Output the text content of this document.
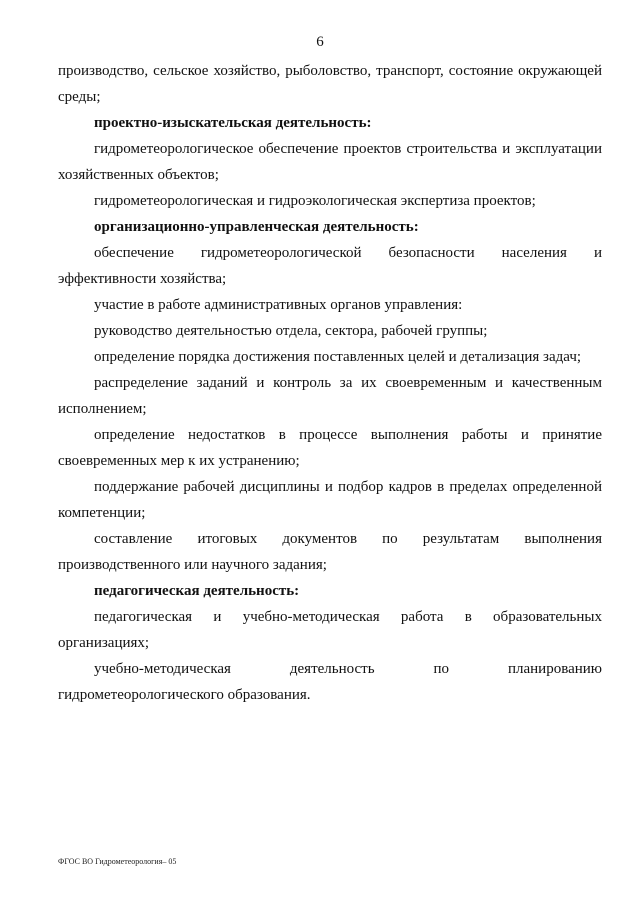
6

производство, сельское хозяйство, рыболовство, транспорт, состояние окружающей среды;

проектно-изыскательская деятельность:

гидрометеорологическое обеспечение проектов строительства и эксплуатации хозяйственных объектов;

гидрометеорологическая и гидроэкологическая экспертиза проектов;

организационно-управленческая деятельность:

обеспечение гидрометеорологической безопасности населения и эффективности хозяйства;

участие в работе административных органов управления:

руководство деятельностью отдела, сектора, рабочей группы;

определение порядка достижения поставленных целей и детализация задач;

распределение заданий и контроль за их своевременным и качественным исполнением;

определение недостатков в процессе выполнения работы и принятие своевременных мер к их устранению;

поддержание рабочей дисциплины и подбор кадров в пределах определенной компетенции;

составление итоговых документов по результатам выполнения производственного или научного задания;

педагогическая деятельность:

педагогическая и учебно-методическая работа в образовательных организациях;

учебно-методическая деятельность по планированию гидрометеорологического образования.

ФГОС ВО Гидрометеорология– 05
